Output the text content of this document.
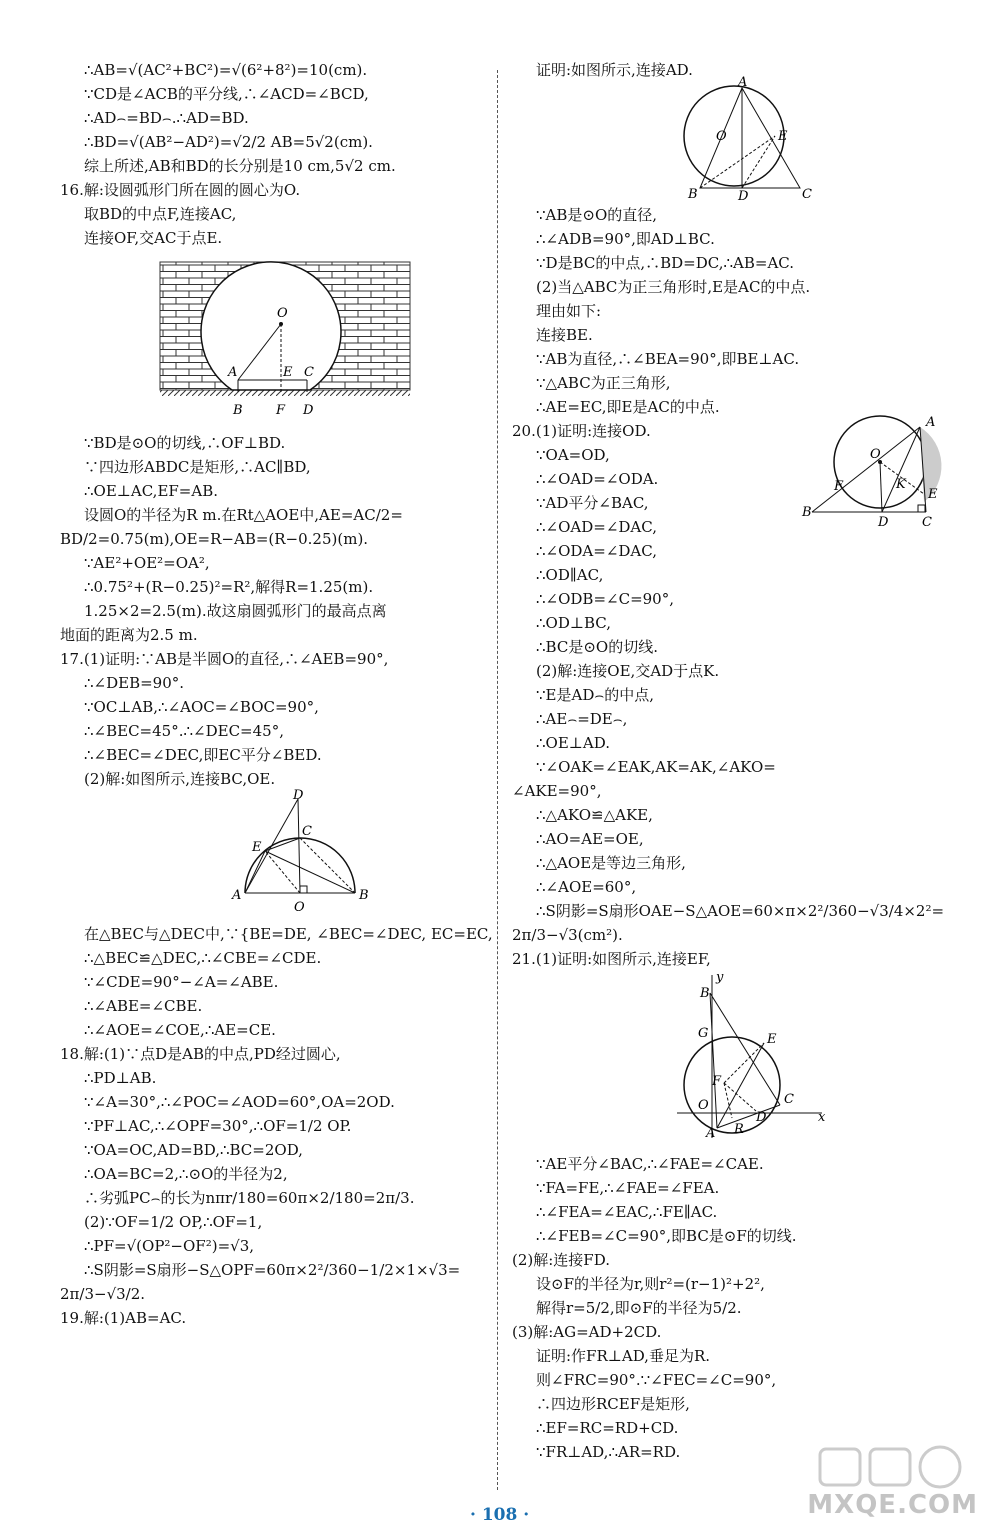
∴AB=√(AC²+BC²)=√(6²+8²)=10(cm).
∵CD是∠ACB的平分线,∴∠ACD=∠BCD,
∴AD⌢=BD⌢.∴AD=BD.
∴BD=√(AB²−AD²)=√2/2 AB=5√2(cm).
综上所述,AB和BD的长分别是10 cm,5√2 cm.
16.解:设圆弧形门所在圆的圆心为O.
取BD的中点F,连接AC,
连接OF,交AC于点E.
O
A	E C
B	F D
∵BD是⊙O的切线,∴OF⊥BD.
∵四边形ABDC是矩形,∴AC∥BD,
∴OE⊥AC,EF=AB.
设圆O的半径为R m.在Rt△AOE中,AE=AC/2=
BD/2=0.75(m),OE=R−AB=(R−0.25)(m).
∵AE²+OE²=OA²,
∴0.75²+(R−0.25)²=R²,解得R=1.25(m).
1.25×2=2.5(m).故这扇圆弧形门的最高点离
地面的距离为2.5 m.
17.(1)证明:∵AB是半圆O的直径,∴∠AEB=90°,
∴∠DEB=90°.
∵OC⊥AB,∴∠AOC=∠BOC=90°,
∴∠BEC=45°.∴∠DEC=45°,
∴∠BEC=∠DEC,即EC平分∠BED.
(2)解:如图所示,连接BC,OE.
D
E
C
A
O
B
在△BEC与△DEC中,∵{BE=DE, ∠BEC=∠DEC, EC=EC,
∴△BEC≌△DEC,∴∠CBE=∠CDE.
∵∠CDE=90°−∠A=∠ABE.
∴∠ABE=∠CBE.
∴∠AOE=∠COE,∴AE=CE.
18.解:(1)∵点D是AB的中点,PD经过圆心,
∴PD⊥AB.
∵∠A=30°,∴∠POC=∠AOD=60°,OA=2OD.
∵PF⊥AC,∴∠OPF=30°,∴OF=1/2 OP.
∵OA=OC,AD=BD,∴BC=2OD,
∴OA=BC=2,∴⊙O的半径为2,
∴劣弧PC⌢的长为nπr/180=60π×2/180=2π/3.
(2)∵OF=1/2 OP,∴OF=1,
∴PF=√(OP²−OF²)=√3,
∴S阴影=S扇形−S△OPF=60π×2²/360−1/2×1×√3=
2π/3−√3/2.
19.解:(1)AB=AC.
证明:如图所示,连接AD.
A
O	E
B	D	C
∵AB是⊙O的直径,
∴∠ADB=90°,即AD⊥BC.
∵D是BC的中点,∴BD=DC,∴AB=AC.
(2)当△ABC为正三角形时,E是AC的中点.
理由如下:
连接BE.
∵AB为直径,∴∠BEA=90°,即BE⊥AC.
∵△ABC为正三角形,
∴AE=EC,即E是AC的中点.
20.(1)证明:连接OD.
∵OA=OD,
∴∠OAD=∠ODA.
∵AD平分∠BAC,
∴∠OAD=∠DAC,
∴∠ODA=∠DAC,
∴OD∥AC,
∴∠ODB=∠C=90°,
∴OD⊥BC,
∴BC是⊙O的切线.
(2)解:连接OE,交AD于点K.
∵E是AD⌢的中点,
∴AE⌢=DE⌢,
∴OE⊥AD.
∵∠OAK=∠EAK,AK=AK,∠AKO=
∠AKE=90°,
∴△AKO≌△AKE,
∴AO=AE=OE,
∴△AOE是等边三角形,
∴∠AOE=60°,
∴S阴影=S扇形OAE−S△AOE=60×π×2²/360−√3/4×2²=
2π/3−√3(cm²).
21.(1)证明:如图所示,连接EF,
y
B
G	E
F
O	C
A R
D	x
∵AE平分∠BAC,∴∠FAE=∠CAE.
∵FA=FE,∴∠FAE=∠FEA.
∴∠FEA=∠EAC,∴FE∥AC.
∴∠FEB=∠C=90°,即BC是⊙F的切线.
(2)解:连接FD.
设⊙F的半径为r,则r²=(r−1)²+2²,
解得r=5/2,即⊙F的半径为5/2.
(3)解:AG=AD+2CD.
证明:作FR⊥AD,垂足为R.
则∠FRC=90°.∵∠FEC=∠C=90°,
∴四边形RCEF是矩形,
∴EF=RC=RD+CD.
∵FR⊥AD,∴AR=RD.
A
O
F	K
E
B
D	C
· 108 ·	MXQE.COM
